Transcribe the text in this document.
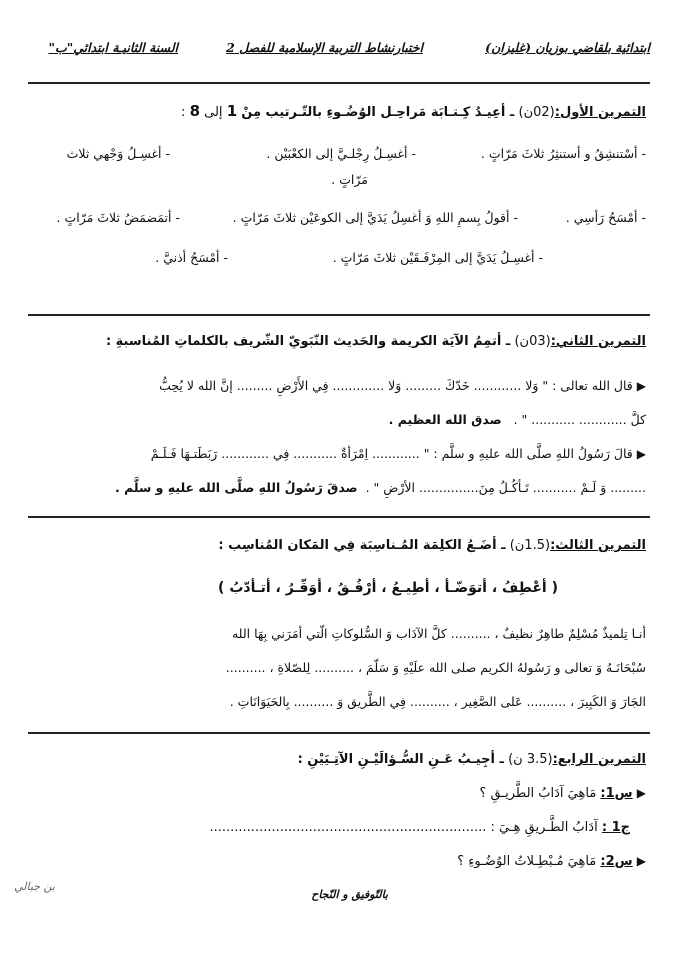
ابتدائية بلقاضي بوزيان (غليزان)
اختبارنشاط التربية الإسلامية للفصل 2
السنة الثانيـة ابتدائي"ب"
التمرين الأول:(02ن) ـ أعِيـدُ كِـتـابَة مَراحِـل الوُضُـوءِ بالتّـرتيب مِنْ 1 إلى 8 :
- أسْتنشِقُ و أستنثِرُ ثلاثَ مَرّاتٍ .
- أغسِـلُ رِجْلـيَّ إلى الكعْبَيْن .
- أغسِـلُ وَجْهي ثلاث
مَرّاتٍ .
- أمْسَحُ رَأسِي .
- أقولُ بِسمِ اللهِ وَ أغسِلُ يَدَيَّ إلى الكوعَيْن ثلاثَ مَرّاتٍ .
- أتمَضمَضُ ثلاثَ مَرّاتٍ .
- أغسِـلُ يَدَيَّ إلى المِرْفَـقَيْن ثلاثَ مَرّاتٍ .
- أمْسَحُ أذنيَّ .
التمرين الثاني:(03ن) ـ أتمِمُ الآيَة الكريمة والحَديث النّبَويّ الشّريف بالكلماتِ المُناسبةِ :
▶ قال الله تعالى : " وَلا ............ خَدّكَ ......... وَلا ............. فِي الأَرْضِ ......... إنَّ الله لا يُحِبُّ
كلَّ ............ ........... " .   صدق الله العظيم .
▶ قالَ رَسُولُ اللهِ صلَّى الله عليهِ و سلَّم : " ............ اِمْرَأةٌ ........... فِي ............ رَبَطَتـهَا فَـلَـمْ
......... وَ لَـمْ ........... تَـأكُـلُ مِنَ............... الأرْضِ " .  صدقَ رَسُولُ اللهِ صلَّى الله عليهِ و سلَّم .
التمرين الثالث:(1.5ن) ـ أضَـعُ الكلِمَة المُـناسِبَة فِي المَكان المُناسِب :
( أعْطِفُ ، أتوَضّـأ ، أطِيـعُ ، أرْفُـقُ ، أوَقّـرُ ، أتـأدّبُ )
أنـا تِلميذٌ مُسْلِمٌ طاهِرٌ نظيفٌ ، .......... كلَّ الآدَاب وَ السُّلوكاتِ الّتي أمَرَني بِهَا الله
سُبْحَانَـهُ وَ تعالى و رَسُولهُ الكريم صلى الله علَيْهِ وَ سَلّمَ ، .......... لِلصّلاةِ ، ..........
الجَارَ وَ الكَبِيرَ ، .......... عَلى الصَّغِير ، .......... فِي الطَّريق وَ .......... بِالحَيَوَانَاتِ .
التمرين الرابع:(3.5 ن) ـ أجِيـبُ عَـنِ السُّـؤالَيْـنِ الآتِـيَيْنِ :
▶ س1: مَاهِيَ آدَابُ الطَّريـقِ ؟
ج1 : آدَابُ الطَّـريقِ هِـيَ : ...................................................................
▶ س2: مَاهِيَ مُـبْطِـلاتُ الوُضُـوءِ ؟
بالتّوفيق و النّجاح
بن جبالي
